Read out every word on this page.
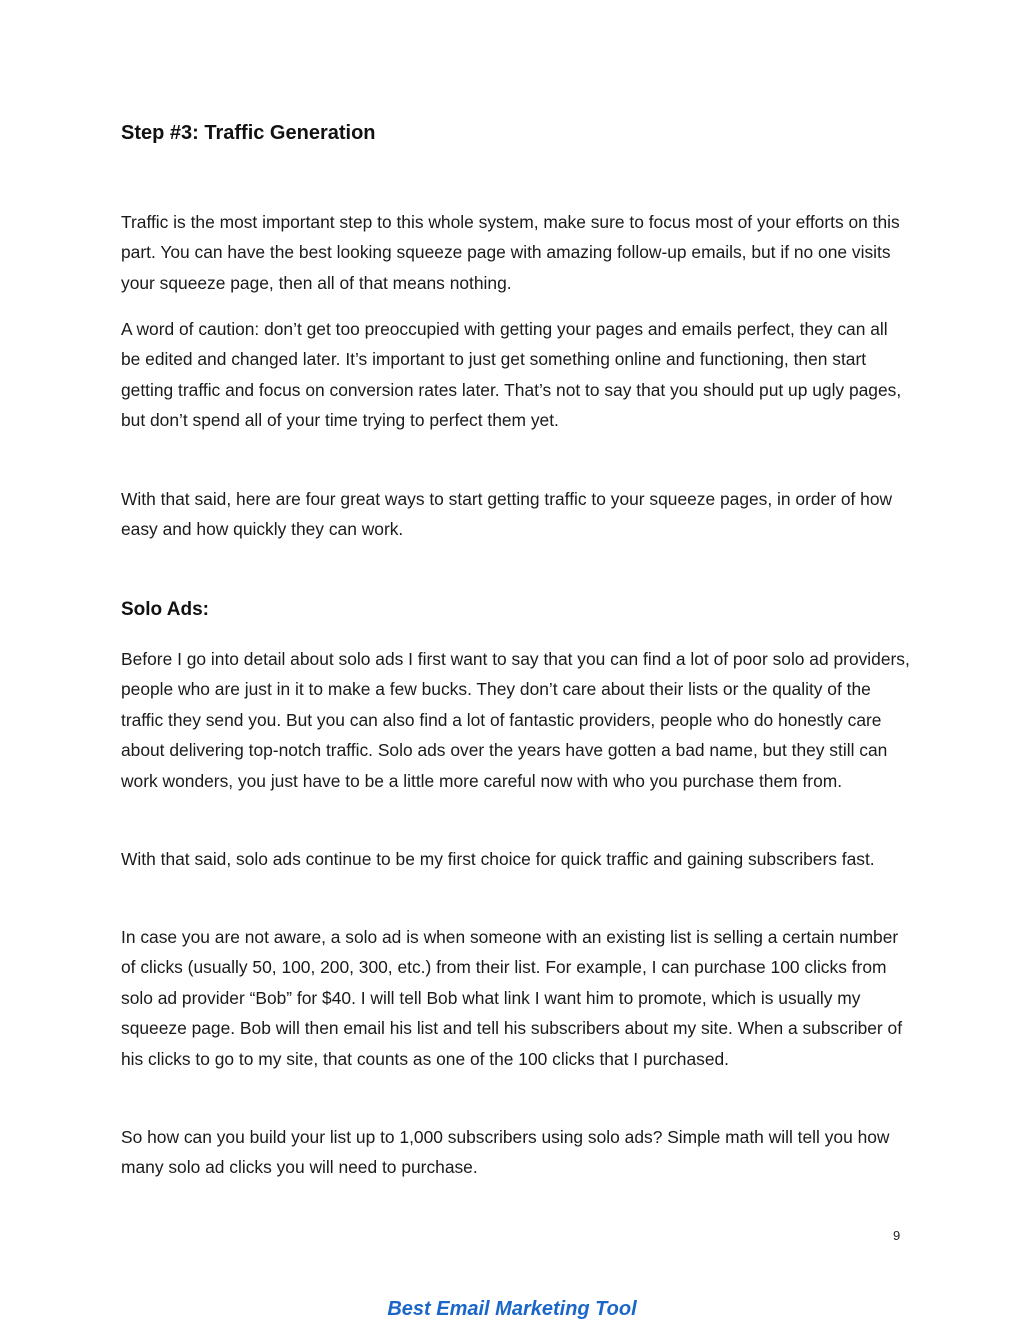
Step #3: Traffic Generation

Traffic is the most important step to this whole system, make sure to focus most of your efforts on this part. You can have the best looking squeeze page with amazing follow-up emails, but if no one visits your squeeze page, then all of that means nothing.

A word of caution: don’t get too preoccupied with getting your pages and emails perfect, they can all be edited and changed later. It’s important to just get something online and functioning, then start getting traffic and focus on conversion rates later. That’s not to say that you should put up ugly pages, but don’t spend all of your time trying to perfect them yet.

With that said, here are four great ways to start getting traffic to your squeeze pages, in order of how easy and how quickly they can work.

Solo Ads:

Before I go into detail about solo ads I first want to say that you can find a lot of poor solo ad providers, people who are just in it to make a few bucks. They don’t care about their lists or the quality of the traffic they send you. But you can also find a lot of fantastic providers, people who do honestly care about delivering top-notch traffic. Solo ads over the years have gotten a bad name, but they still can work wonders, you just have to be a little more careful now with who you purchase them from.

With that said, solo ads continue to be my first choice for quick traffic and gaining subscribers fast.

In case you are not aware, a solo ad is when someone with an existing list is selling a certain number of clicks (usually 50, 100, 200, 300, etc.) from their list. For example, I can purchase 100 clicks from solo ad provider “Bob” for $40. I will tell Bob what link I want him to promote, which is usually my squeeze page. Bob will then email his list and tell his subscribers about my site. When a subscriber of his clicks to go to my site, that counts as one of the 100 clicks that I purchased.

So how can you build your list up to 1,000 subscribers using solo ads? Simple math will tell you how many solo ad clicks you will need to purchase.

9
Best Email Marketing Tool
